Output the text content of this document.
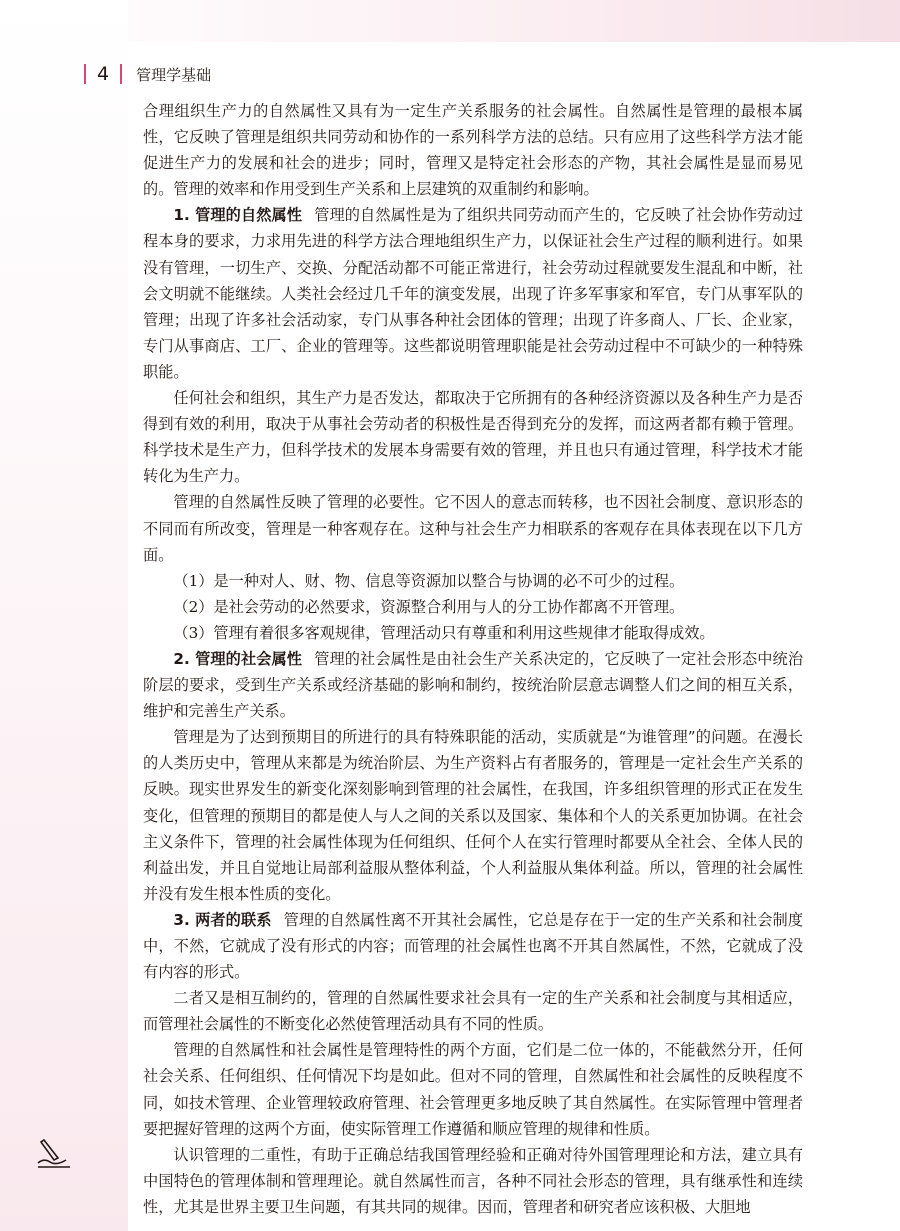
4 管理学基础

合理组织生产力的自然属性又具有为一定生产关系服务的社会属性。自然属性是管理的最根本属性，它反映了管理是组织共同劳动和协作的一系列科学方法的总结。只有应用了这些科学方法才能促进生产力的发展和社会的进步；同时，管理又是特定社会形态的产物，其社会属性是显而易见的。管理的效率和作用受到生产关系和上层建筑的双重制约和影响。

1. 管理的自然属性 管理的自然属性是为了组织共同劳动而产生的，它反映了社会协作劳动过程本身的要求，力求用先进的科学方法合理地组织生产力，以保证社会生产过程的顺利进行。如果没有管理，一切生产、交换、分配活动都不可能正常进行，社会劳动过程就要发生混乱和中断，社会文明就不能继续。人类社会经过几千年的演变发展，出现了许多军事家和军官，专门从事军队的管理；出现了许多社会活动家，专门从事各种社会团体的管理；出现了许多商人、厂长、企业家，专门从事商店、工厂、企业的管理等。这些都说明管理职能是社会劳动过程中不可缺少的一种特殊职能。

任何社会和组织，其生产力是否发达，都取决于它所拥有的各种经济资源以及各种生产力是否得到有效的利用，取决于从事社会劳动者的积极性是否得到充分的发挥，而这两者都有赖于管理。科学技术是生产力，但科学技术的发展本身需要有效的管理，并且也只有通过管理，科学技术才能转化为生产力。

管理的自然属性反映了管理的必要性。它不因人的意志而转移，也不因社会制度、意识形态的不同而有所改变，管理是一种客观存在。这种与社会生产力相联系的客观存在具体表现在以下几方面。

（1）是一种对人、财、物、信息等资源加以整合与协调的必不可少的过程。

（2）是社会劳动的必然要求，资源整合利用与人的分工协作都离不开管理。

（3）管理有着很多客观规律，管理活动只有尊重和利用这些规律才能取得成效。

2. 管理的社会属性 管理的社会属性是由社会生产关系决定的，它反映了一定社会形态中统治阶层的要求，受到生产关系或经济基础的影响和制约，按统治阶层意志调整人们之间的相互关系，维护和完善生产关系。

管理是为了达到预期目的所进行的具有特殊职能的活动，实质就是“为谁管理”的问题。在漫长的人类历史中，管理从来都是为统治阶层、为生产资料占有者服务的，管理是一定社会生产关系的反映。现实世界发生的新变化深刻影响到管理的社会属性，在我国，许多组织管理的形式正在发生变化，但管理的预期目的都是使人与人之间的关系以及国家、集体和个人的关系更加协调。在社会主义条件下，管理的社会属性体现为任何组织、任何个人在实行管理时都要从全社会、全体人民的利益出发，并且自觉地让局部利益服从整体利益，个人利益服从集体利益。所以，管理的社会属性并没有发生根本性质的变化。

3. 两者的联系 管理的自然属性离不开其社会属性，它总是存在于一定的生产关系和社会制度中，不然，它就成了没有形式的内容；而管理的社会属性也离不开其自然属性，不然，它就成了没有内容的形式。

二者又是相互制约的，管理的自然属性要求社会具有一定的生产关系和社会制度与其相适应，而管理社会属性的不断变化必然使管理活动具有不同的性质。

管理的自然属性和社会属性是管理特性的两个方面，它们是二位一体的，不能截然分开，任何社会关系、任何组织、任何情况下均是如此。但对不同的管理，自然属性和社会属性的反映程度不同，如技术管理、企业管理较政府管理、社会管理更多地反映了其自然属性。在实际管理中管理者要把握好管理的这两个方面，使实际管理工作遵循和顺应管理的规律和性质。

认识管理的二重性，有助于正确总结我国管理经验和正确对待外国管理理论和方法，建立具有中国特色的管理体制和管理理论。就自然属性而言，各种不同社会形态的管理，具有继承性和连续性，尤其是世界主要卫生问题，有其共同的规律。因而，管理者和研究者应该积极、大胆地
